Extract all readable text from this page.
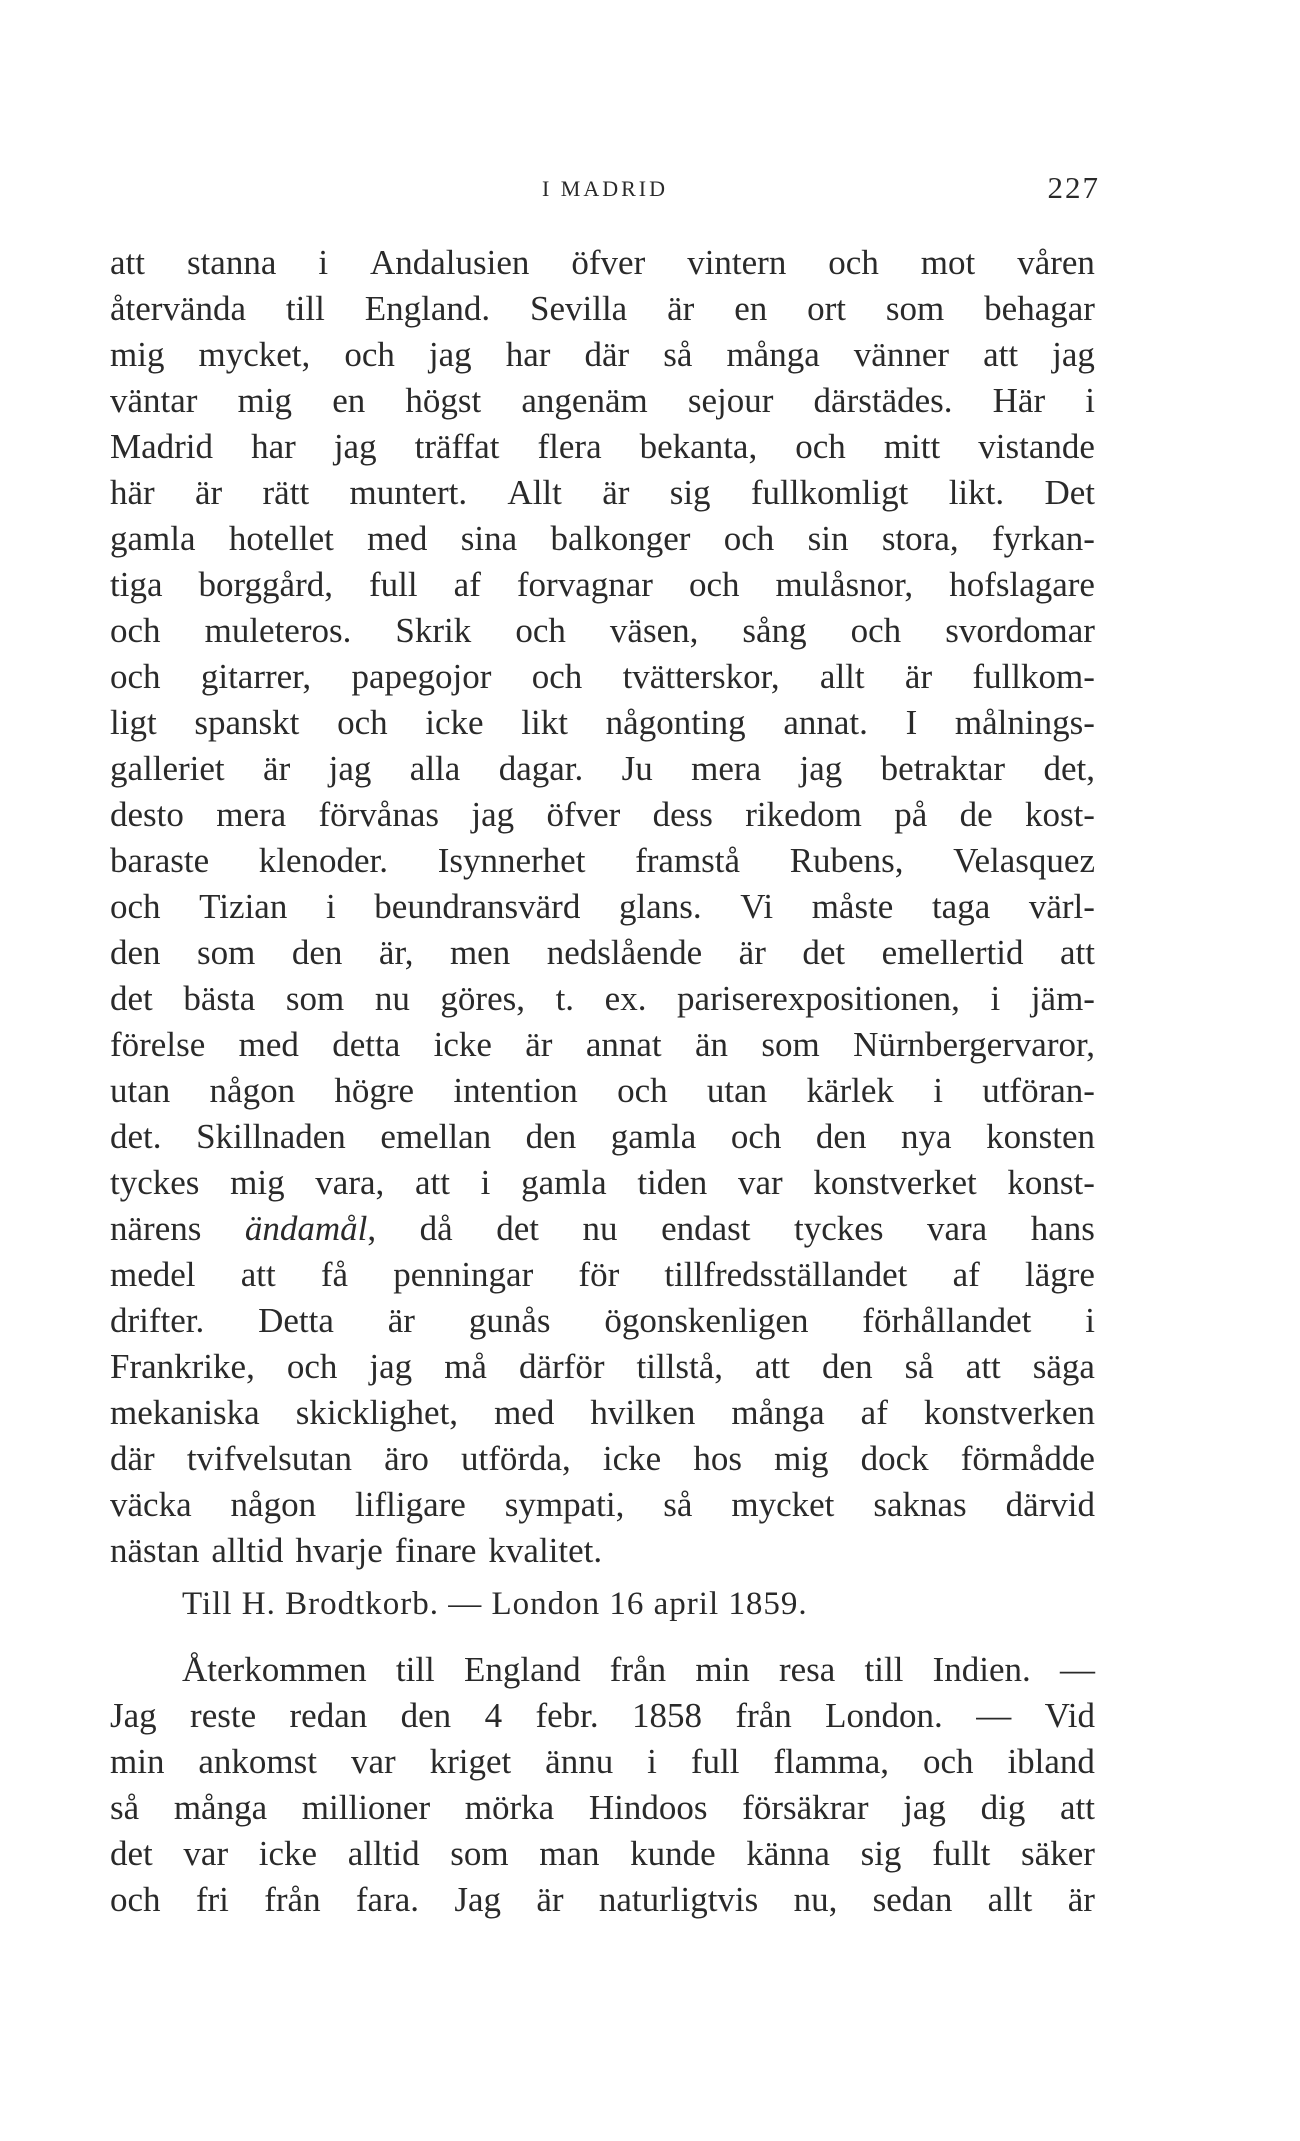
I MADRID	227
att stanna i Andalusien öfver vintern och mot våren
återvända till England. Sevilla är en ort som behagar
mig mycket, och jag har där så många vänner att jag
väntar mig en högst angenäm sejour därstädes. Här i
Madrid har jag träffat flera bekanta, och mitt vistande
här är rätt muntert. Allt är sig fullkomligt likt. Det
gamla hotellet med sina balkonger och sin stora, fyrkan-
tiga borggård, full af forvagnar och mulåsnor, hofslagare
och muleteros. Skrik och väsen, sång och svordomar
och gitarrer, papegojor och tvätterskor, allt är fullkom-
ligt spanskt och icke likt någonting annat. I målnings-
galleriet är jag alla dagar. Ju mera jag betraktar det,
desto mera förvånas jag öfver dess rikedom på de kost-
baraste klenoder. Isynnerhet framstå Rubens, Velasquez
och Tizian i beundransvärd glans. Vi måste taga värl-
den som den är, men nedslående är det emellertid att
det bästa som nu göres, t. ex. pariserexpositionen, i jäm-
förelse med detta icke är annat än som Nürnbergervaror,
utan någon högre intention och utan kärlek i utföran-
det. Skillnaden emellan den gamla och den nya konsten
tyckes mig vara, att i gamla tiden var konstverket konst-
närens ändamål, då det nu endast tyckes vara hans
medel att få penningar för tillfredsställandet af lägre
drifter. Detta är gunås ögonskenligen förhållandet i
Frankrike, och jag må därför tillstå, att den så att säga
mekaniska skicklighet, med hvilken många af konstverken
där tvifvelsutan äro utförda, icke hos mig dock förmådde
väcka någon lifligare sympati, så mycket saknas därvid
nästan alltid hvarje finare kvalitet.
Till H. Brodtkorb. — London 16 april 1859.
Återkommen till England från min resa till Indien. —
Jag reste redan den 4 febr. 1858 från London. — Vid
min ankomst var kriget ännu i full flamma, och ibland
så många millioner mörka Hindoos försäkrar jag dig att
det var icke alltid som man kunde känna sig fullt säker
och fri från fara. Jag är naturligtvis nu, sedan allt är
